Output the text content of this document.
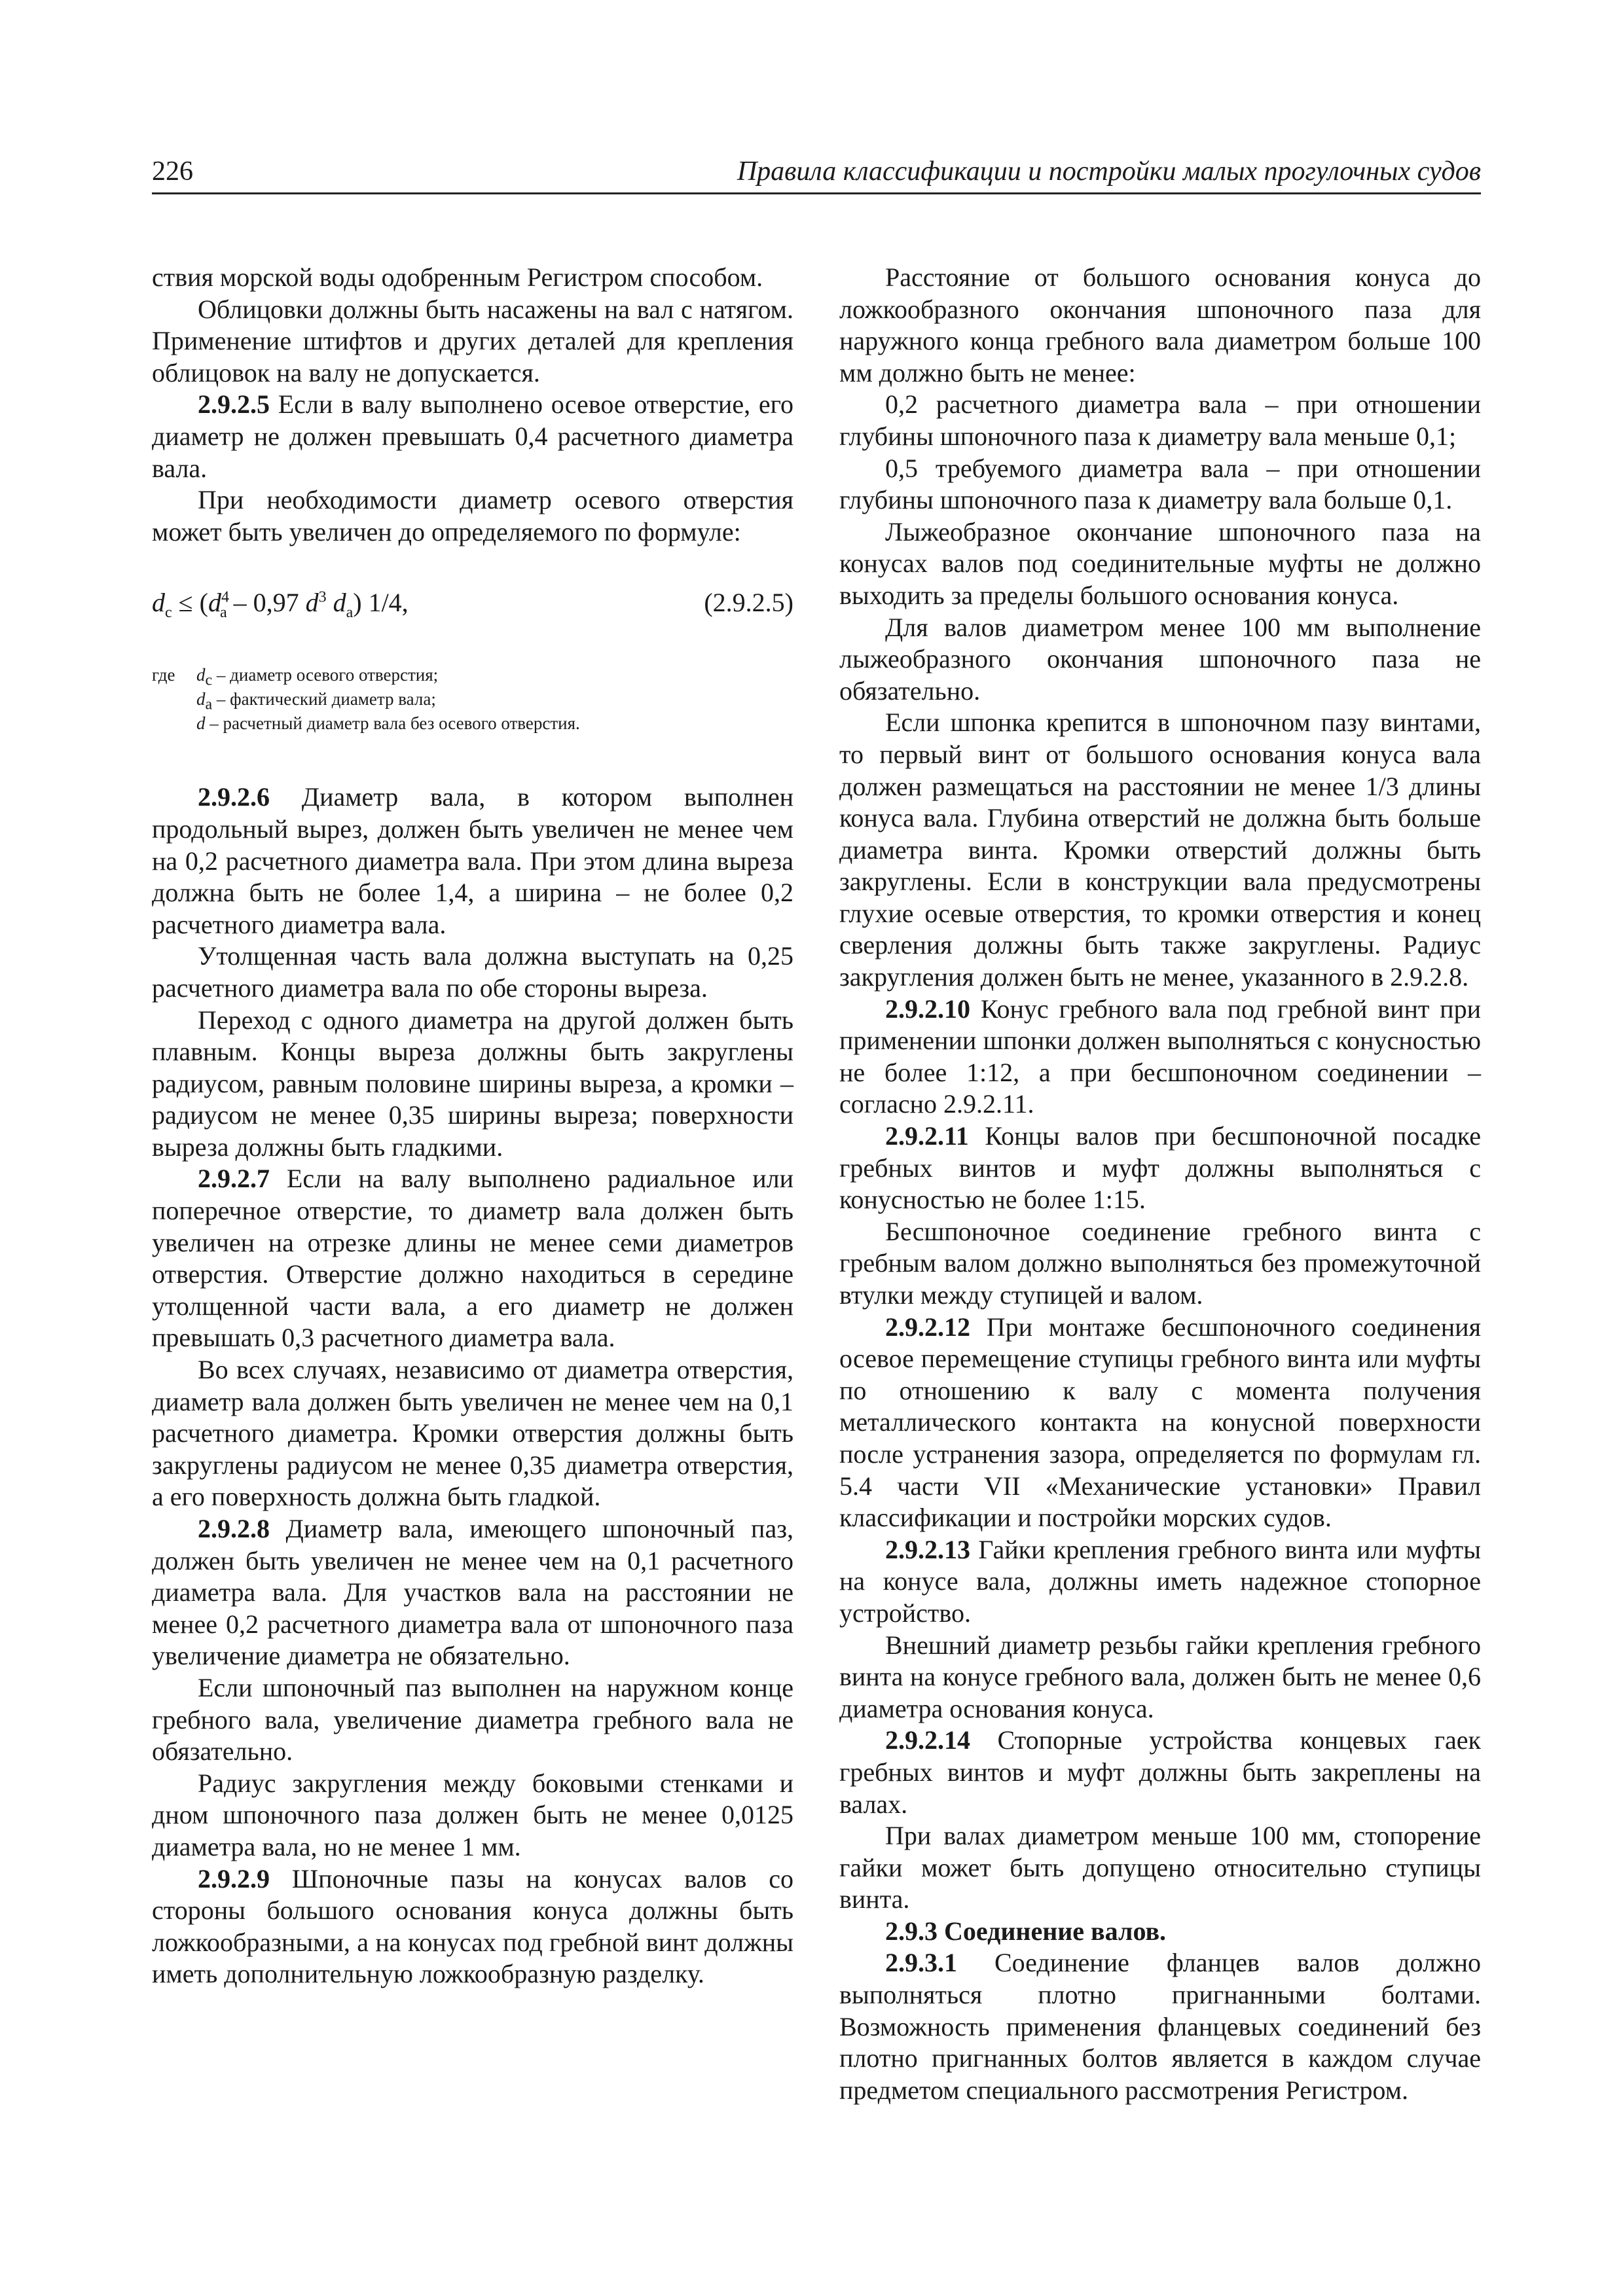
226	Правила классификации и постройки малых прогулочных судов

ствия морской воды одобренным Регистром способом.

Облицовки должны быть насажены на вал с натягом. Применение штифтов и других деталей для крепления облицовок на валу не допускается.

2.9.2.5 Если в валу выполнено осевое отверстие, его диаметр не должен превышать 0,4 расчетного диаметра вала.

При необходимости диаметр осевого отверстия может быть увеличен до определяемого по формуле:

$d_c \le (d^4_a - 0,97$ $d^3$ $d_a$) 1/4,	(2.9.2.5)
где	$d_c$ – диаметр осевого отверстия;
$d_a$ – фактический диаметр вала;
d – расчетный диаметр вала без осевого отверстия.

2.9.2.6 Диаметр вала, в котором выполнен продольный вырез, должен быть увеличен не менее чем на 0,2 расчетного диаметра вала. При этом длина выреза должна быть не более 1,4, а ширина – не более 0,2 расчетного диаметра вала.

Утолщенная часть вала должна выступать на 0,25 расчетного диаметра вала по обе стороны выреза.

Переход с одного диаметра на другой должен быть плавным. Концы выреза должны быть закруглены радиусом, равным половине ширины выреза, а кромки – радиусом не менее 0,35 ширины выреза; поверхности выреза должны быть гладкими.

2.9.2.7 Если на валу выполнено радиальное или поперечное отверстие, то диаметр вала должен быть увеличен на отрезке длины не менее семи диаметров отверстия. Отверстие должно находиться в середине утолщенной части вала, а его диаметр не должен превышать 0,3 расчетного диаметра вала.

Во всех случаях, независимо от диаметра отверстия, диаметр вала должен быть увеличен не менее чем на 0,1 расчетного диаметра. Кромки отверстия должны быть закруглены радиусом не менее 0,35 диаметра отверстия, а его поверхность должна быть гладкой.

2.9.2.8 Диаметр вала, имеющего шпоночный паз, должен быть увеличен не менее чем на 0,1 расчетного диаметра вала. Для участков вала на расстоянии не менее 0,2 расчетного диаметра вала от шпоночного паза увеличение диаметра не обязательно.

Если шпоночный паз выполнен на наружном конце гребного вала, увеличение диаметра гребного вала не обязательно.

Радиус закругления между боковыми стенками и дном шпоночного паза должен быть не менее 0,0125 диаметра вала, но не менее 1 мм.

2.9.2.9 Шпоночные пазы на конусах валов со стороны большого основания конуса должны быть ложкообразными, а на конусах под гребной винт должны иметь дополнительную ложкообразную разделку.

Расстояние от большого основания конуса до ложкообразного окончания шпоночного паза для наружного конца гребного вала диаметром больше 100 мм должно быть не менее:

0,2 расчетного диаметра вала – при отношении глубины шпоночного паза к диаметру вала меньше 0,1;

0,5 требуемого диаметра вала – при отношении глубины шпоночного паза к диаметру вала больше 0,1.

Лыжеобразное окончание шпоночного паза на конусах валов под соединительные муфты не должно выходить за пределы большого основания конуса.

Для валов диаметром менее 100 мм выполнение лыжеобразного окончания шпоночного паза не обязательно.

Если шпонка крепится в шпоночном пазу винтами, то первый винт от большого основания конуса вала должен размещаться на расстоянии не менее 1/3 длины конуса вала. Глубина отверстий не должна быть больше диаметра винта. Кромки отверстий должны быть закруглены. Если в конструкции вала предусмотрены глухие осевые отверстия, то кромки отверстия и конец сверления должны быть также закруглены. Радиус закругления должен быть не менее, указанного в 2.9.2.8.

2.9.2.10 Конус гребного вала под гребной винт при применении шпонки должен выполняться с конусностью не более 1:12, а при бесшпоночном соединении – согласно 2.9.2.11.

2.9.2.11 Концы валов при бесшпоночной посадке гребных винтов и муфт должны выполняться с конусностью не более 1:15.

Бесшпоночное соединение гребного винта с гребным валом должно выполняться без промежуточной втулки между ступицей и валом.

2.9.2.12 При монтаже бесшпоночного соединения осевое перемещение ступицы гребного винта или муфты по отношению к валу с момента получения металлического контакта на конусной поверхности после устранения зазора, определяется по формулам гл. 5.4 части VII «Механические установки» Правил классификации и постройки морских судов.

2.9.2.13 Гайки крепления гребного винта или муфты на конусе вала, должны иметь надежное стопорное устройство.

Внешний диаметр резьбы гайки крепления гребного винта на конусе гребного вала, должен быть не менее 0,6 диаметра основания конуса.

2.9.2.14 Стопорные устройства концевых гаек гребных винтов и муфт должны быть закреплены на валах.

При валах диаметром меньше 100 мм, стопорение гайки может быть допущено относительно ступицы винта.

2.9.3 Соединение валов.

2.9.3.1 Соединение фланцев валов должно выполняться плотно пригнанными болтами. Возможность применения фланцевых соединений без плотно пригнанных болтов является в каждом случае предметом специального рассмотрения Регистром.
